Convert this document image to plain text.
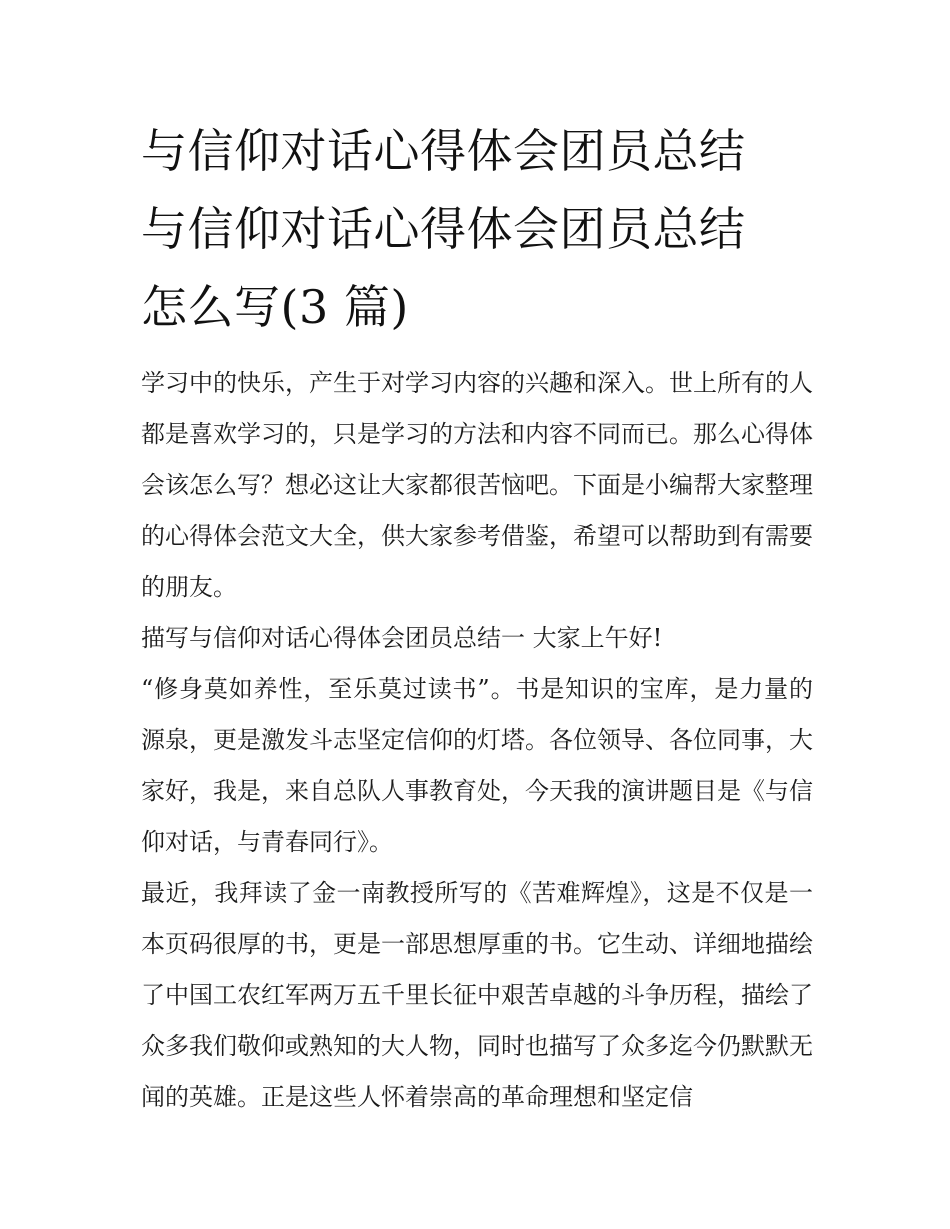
与信仰对话心得体会团员总结
与信仰对话心得体会团员总结
怎么写(3 篇)

学习中的快乐，产生于对学习内容的兴趣和深入。世上所有的人都是喜欢学习的，只是学习的方法和内容不同而已。那么心得体会该怎么写？想必这让大家都很苦恼吧。下面是小编帮大家整理的心得体会范文大全，供大家参考借鉴，希望可以帮助到有需要的朋友。

描写与信仰对话心得体会团员总结一 大家上午好!

“修身莫如养性，至乐莫过读书”。书是知识的宝库，是力量的源泉，更是激发斗志坚定信仰的灯塔。各位领导、各位同事，大家好，我是，来自总队人事教育处，今天我的演讲题目是《与信仰对话，与青春同行》。

最近，我拜读了金一南教授所写的《苦难辉煌》，这是不仅是一本页码很厚的书，更是一部思想厚重的书。它生动、详细地描绘了中国工农红军两万五千里长征中艰苦卓越的斗争历程，描绘了众多我们敬仰或熟知的大人物，同时也描写了众多迄今仍默默无闻的英雄。正是这些人怀着崇高的革命理想和坚定信
